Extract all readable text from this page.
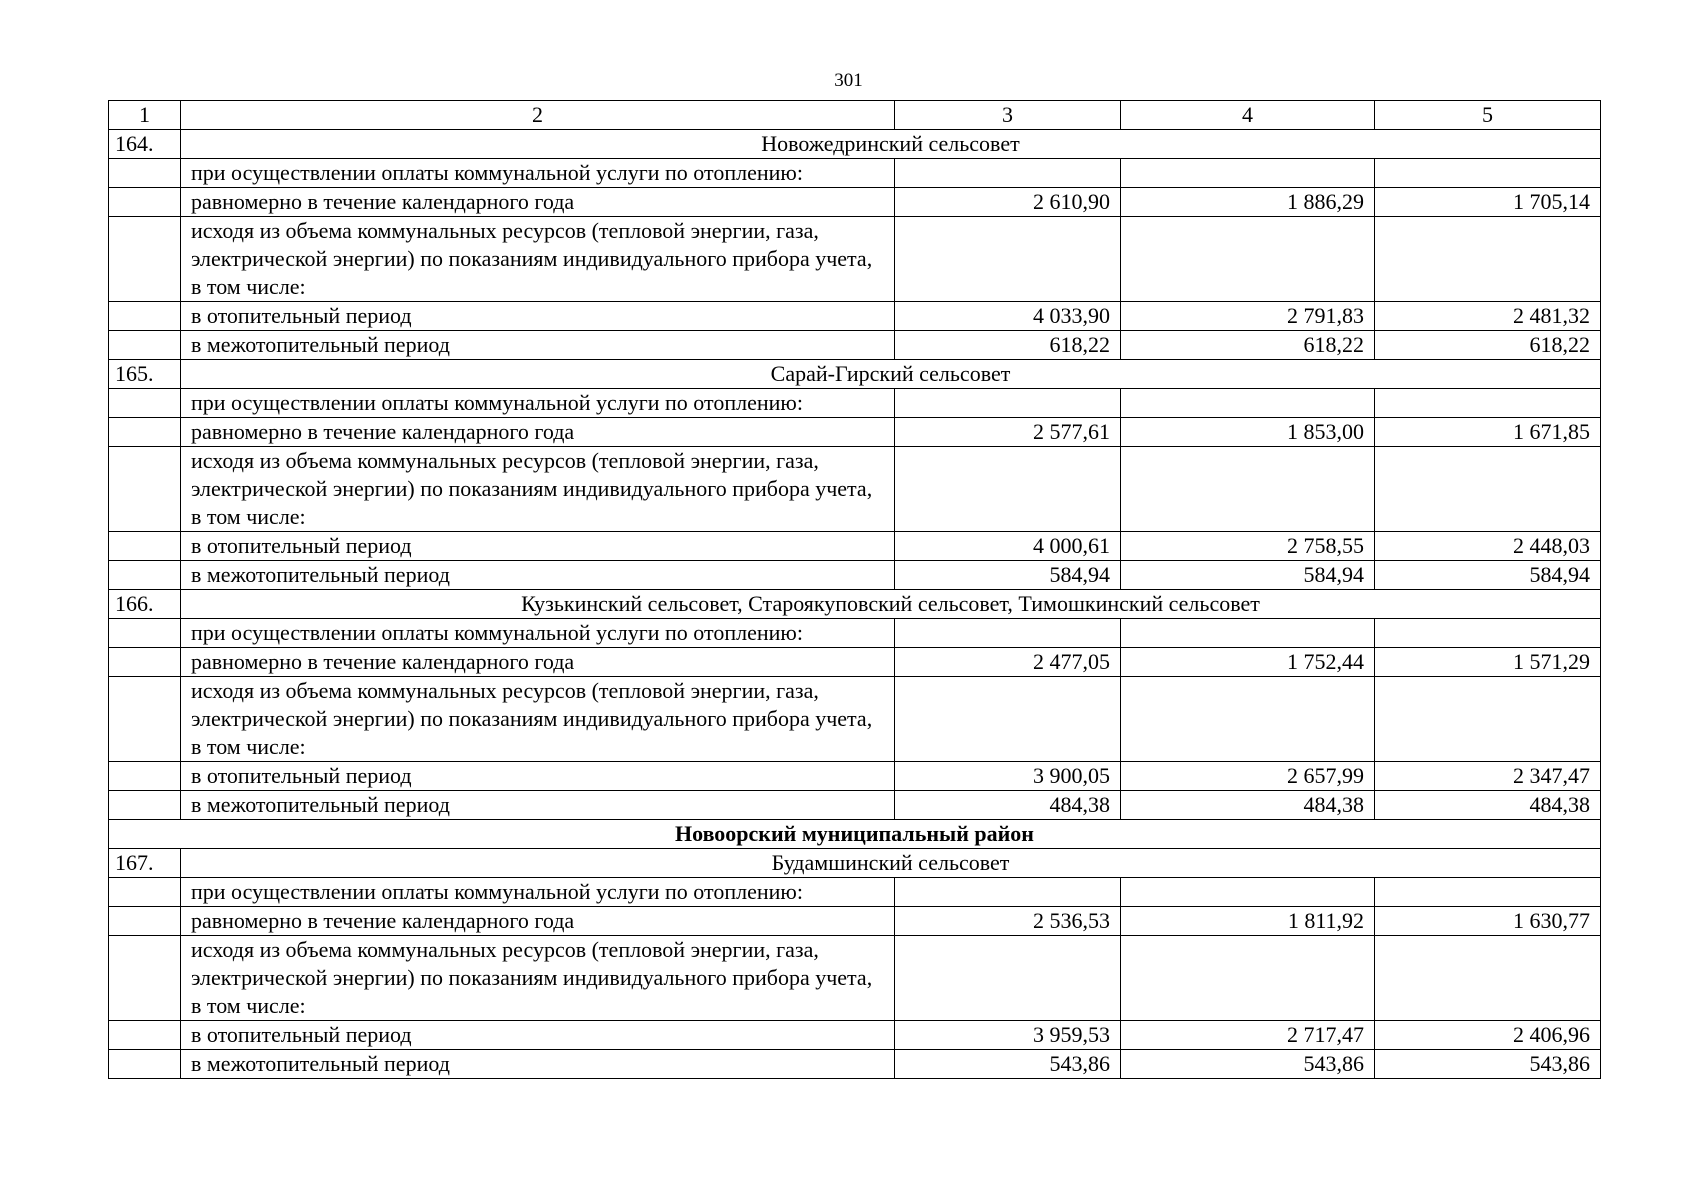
301
1	2	3	4	5
164.	Новожедринский сельсовет			
	при осуществлении оплаты коммунальной услуги по отоплению:			
	равномерно в течение календарного года	2 610,90	1 886,29	1 705,14
	исходя из объема коммунальных ресурсов (тепловой энергии, газа, электрической энергии) по показаниям индивидуального прибора учета, в том числе:			
	в отопительный период	4 033,90	2 791,83	2 481,32
	в межотопительный период	618,22	618,22	618,22
165.	Сарай-Гирский сельсовет			
	при осуществлении оплаты коммунальной услуги по отоплению:			
	равномерно в течение календарного года	2 577,61	1 853,00	1 671,85
	исходя из объема коммунальных ресурсов (тепловой энергии, газа, электрической энергии) по показаниям индивидуального прибора учета, в том числе:			
	в отопительный период	4 000,61	2 758,55	2 448,03
	в межотопительный период	584,94	584,94	584,94
166.	Кузькинский сельсовет, Староякуповский сельсовет, Тимошкинский сельсовет			
	при осуществлении оплаты коммунальной услуги по отоплению:			
	равномерно в течение календарного года	2 477,05	1 752,44	1 571,29
	исходя из объема коммунальных ресурсов (тепловой энергии, газа, электрической энергии) по показаниям индивидуального прибора учета, в том числе:			
	в отопительный период	3 900,05	2 657,99	2 347,47
	в межотопительный период	484,38	484,38	484,38
Новоорский муниципальный район				
167.	Будамшинский сельсовет			
	при осуществлении оплаты коммунальной услуги по отоплению:			
	равномерно в течение календарного года	2 536,53	1 811,92	1 630,77
	исходя из объема коммунальных ресурсов (тепловой энергии, газа, электрической энергии) по показаниям индивидуального прибора учета, в том числе:			
	в отопительный период	3 959,53	2 717,47	2 406,96
	в межотопительный период	543,86	543,86	543,86
